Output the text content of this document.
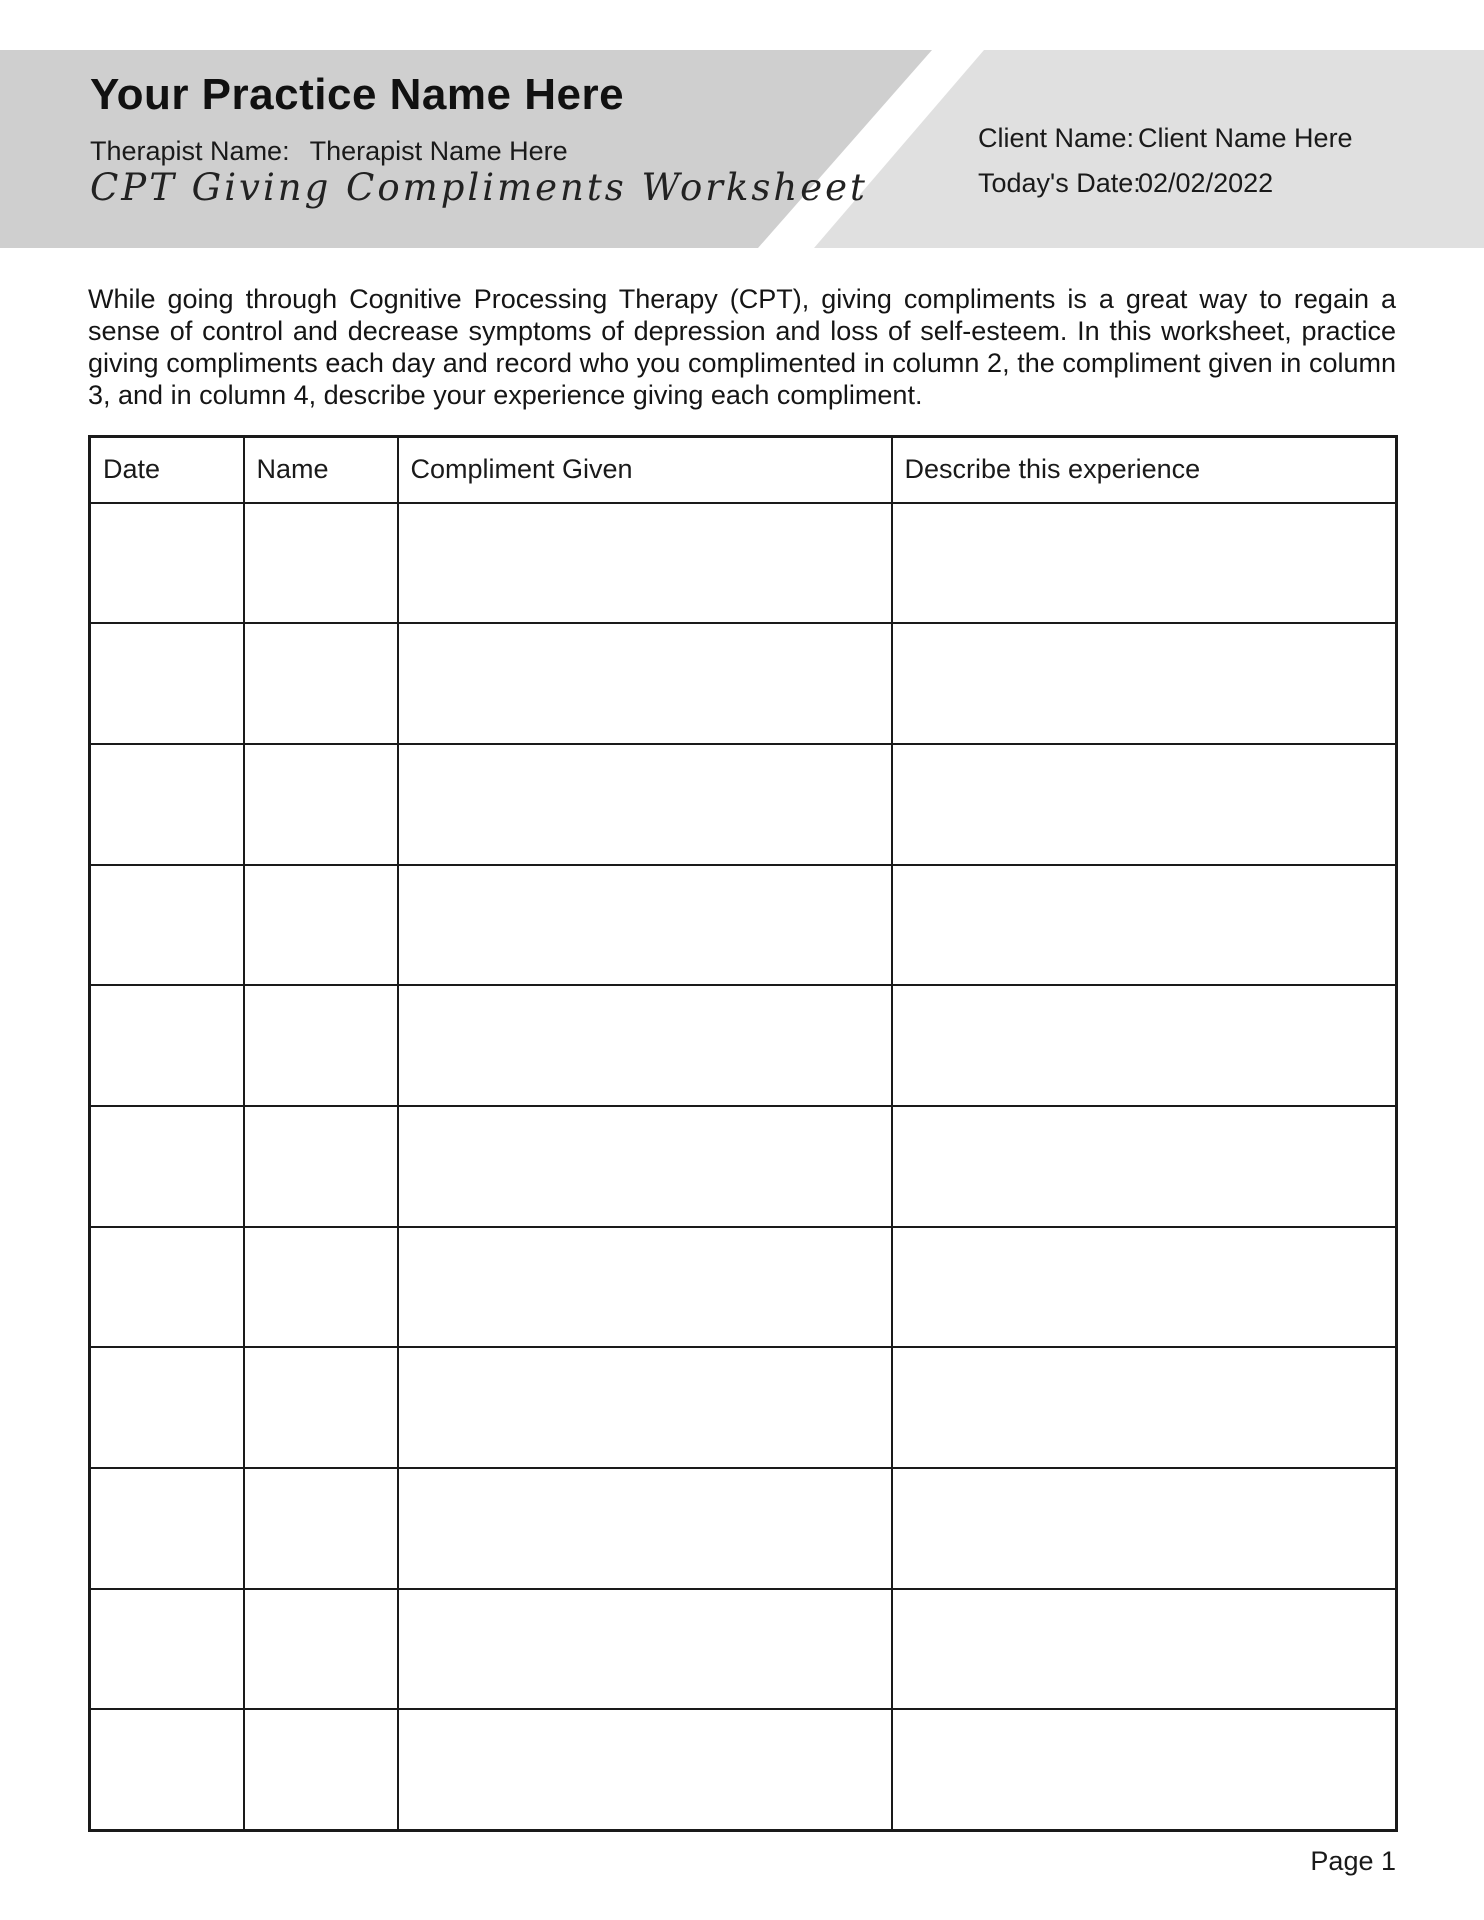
Your Practice Name Here
Therapist Name: Therapist Name Here
CPT Giving Compliments Worksheet
Client Name: Client Name Here
Today's Date:02/02/2022
While going through Cognitive Processing Therapy (CPT), giving compliments is a great way to regain a sense of control and decrease symptoms of depression and loss of self-esteem. In this worksheet, practice giving compliments each day and record who you complimented in column 2, the compliment given in column 3, and in column 4, describe your experience giving each compliment.
Date	Name	Compliment Given	Describe this experience

Page 1
